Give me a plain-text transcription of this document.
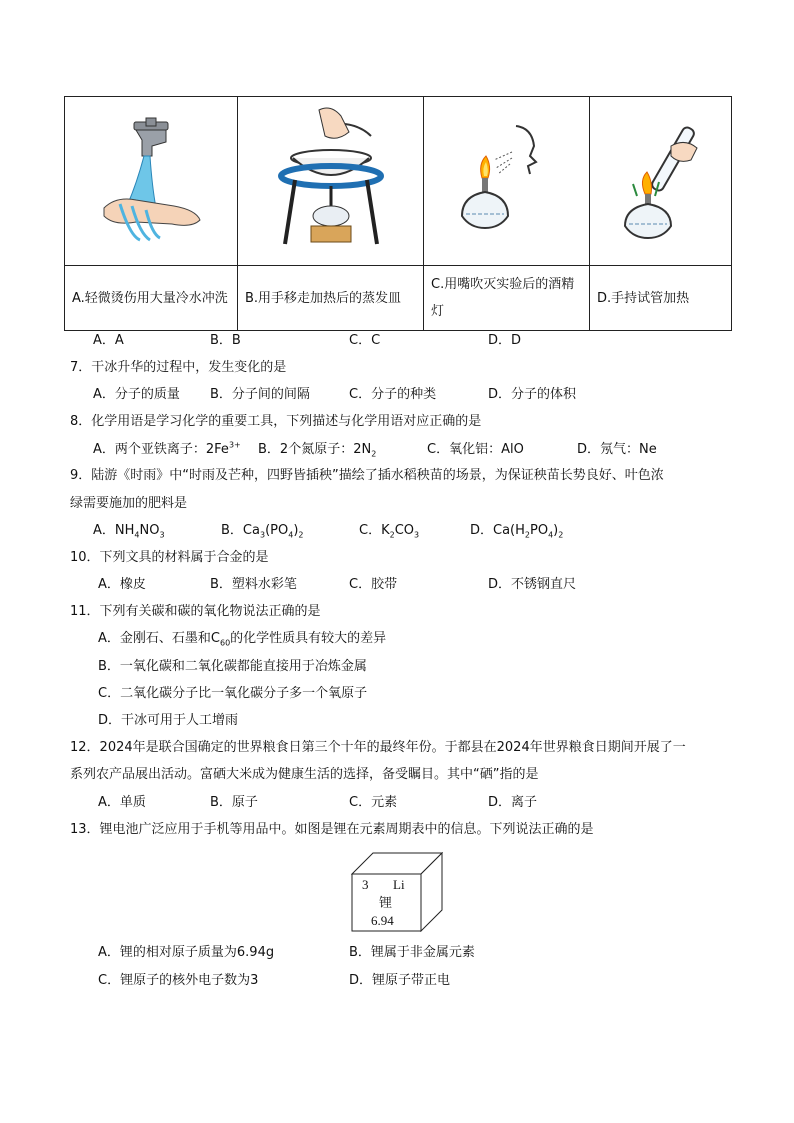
A.轻微烫伤用大量冷水冲洗	B.用手移走加热后的蒸发皿	C.用嘴吹灭实验后的酒精灯	D.手持试管加热
A．A	B．B	C．C	D．D
7．干冰升华的过程中，发生变化的是
A．分子的质量 B．分子间的间隔	C．分子的种类	D．分子的体积
8．化学用语是学习化学的重要工具，下列描述与化学用语对应正确的是
A．两个亚铁离子：$2Fe^{3+}$ B．2个氮原子：$2N_2$	C．氧化铝：AlO	D．氖气：Ne
9．陆游《时雨》中“时雨及芒种，四野皆插秧”描绘了插水稻秧苗的场景，为保证秧苗长势良好、叶色浓
绿需要施加的肥料是
A．$NH_4NO_3$	B．$Ca_3(PO_4)_2$	C．$K_2CO_3$	D．$Ca(H_2PO_4)_2$
10．下列文具的材料属于合金的是
A．橡皮	B．塑料水彩笔	C．胶带	D．不锈钢直尺
11．下列有关碳和碳的氧化物说法正确的是
A．金刚石、石墨和$C_{60}$的化学性质具有较大的差异
B．一氧化碳和二氧化碳都能直接用于冶炼金属
C．二氧化碳分子比一氧化碳分子多一个氧原子
D．干冰可用于人工增雨
12．2024年是联合国确定的世界粮食日第三个十年的最终年份。于都县在2024年世界粮食日期间开展了一
系列农产品展出活动。富硒大米成为健康生活的选择，备受瞩目。其中“硒”指的是
A．单质	B．原子	C．元素	D．离子
13．锂电池广泛应用于手机等用品中。如图是锂在元素周期表中的信息。下列说法正确的是
3 Li
锂
6.94
A．锂的相对原子质量为6.94g	B．锂属于非金属元素
C．锂原子的核外电子数为3	D．锂原子带正电
